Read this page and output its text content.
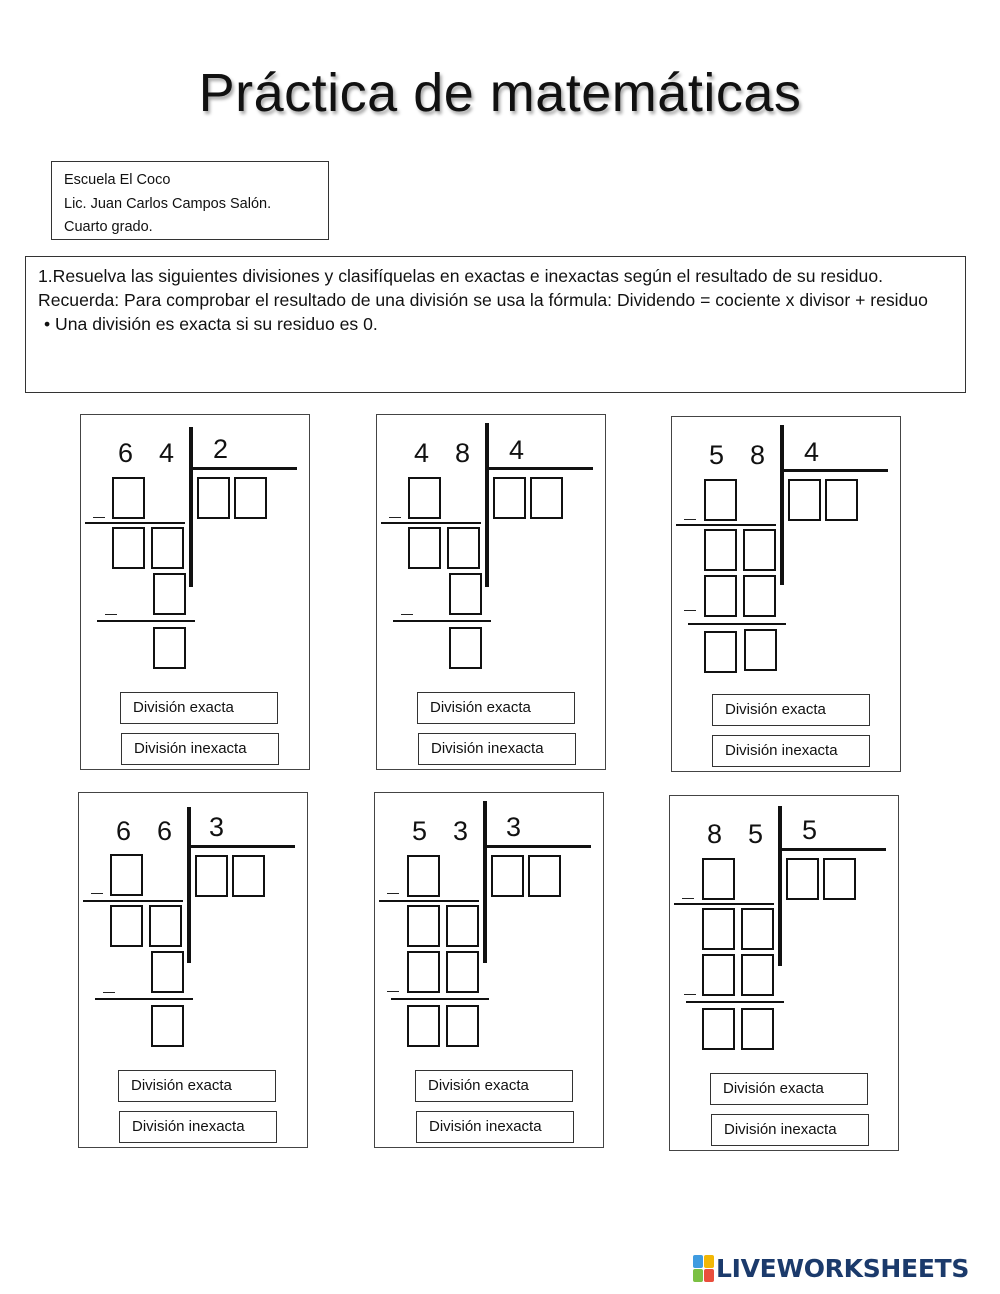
Práctica de matemáticas
Escuela El Coco
Lic. Juan Carlos Campos Salón.
Cuarto grado.
1.Resuelva las siguientes divisiones y clasifíquelas en exactas e inexactas según el resultado de su residuo.
Recuerda: Para comprobar el resultado de una división se usa la fórmula: Dividendo = cociente x divisor + residuo
• Una división es exacta si su residuo es 0.
6 4 2
División exacta
División inexacta
4 8 4
División exacta
División inexacta
5 8 4
División exacta
División inexacta
6 6 3
División exacta
División inexacta
5 3 3
División exacta
División inexacta
8 5 5
División exacta
División inexacta
LIVEWORKSHEETS
